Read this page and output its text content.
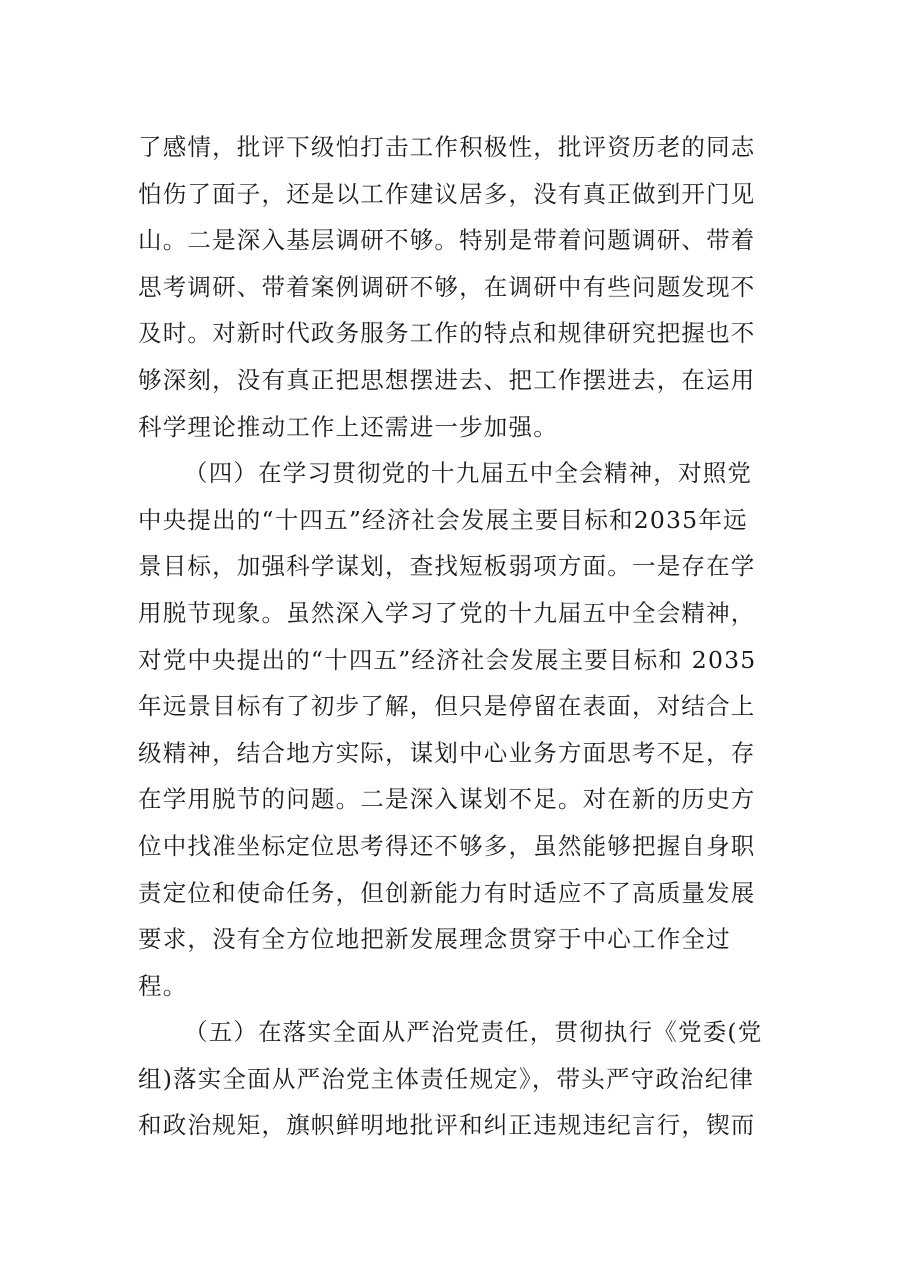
了感情，批评下级怕打击工作积极性，批评资历老的同志
怕伤了面子，还是以工作建议居多，没有真正做到开门见
山。二是深入基层调研不够。特别是带着问题调研、带着
思考调研、带着案例调研不够，在调研中有些问题发现不
及时。对新时代政务服务工作的特点和规律研究把握也不
够深刻，没有真正把思想摆进去、把工作摆进去，在运用
科学理论推动工作上还需进一步加强。
（四）在学习贯彻党的十九届五中全会精神，对照党
中央提出的“十四五”经济社会发展主要目标和2035年远
景目标，加强科学谋划，查找短板弱项方面。一是存在学
用脱节现象。虽然深入学习了党的十九届五中全会精神，
对党中央提出的“十四五”经济社会发展主要目标和 2035
年远景目标有了初步了解，但只是停留在表面，对结合上
级精神，结合地方实际，谋划中心业务方面思考不足，存
在学用脱节的问题。二是深入谋划不足。对在新的历史方
位中找准坐标定位思考得还不够多，虽然能够把握自身职
责定位和使命任务，但创新能力有时适应不了高质量发展
要求，没有全方位地把新发展理念贯穿于中心工作全过
程。
（五）在落实全面从严治党责任，贯彻执行《党委(党
组)落实全面从严治党主体责任规定》，带头严守政治纪律
和政治规矩，旗帜鲜明地批评和纠正违规违纪言行，锲而
